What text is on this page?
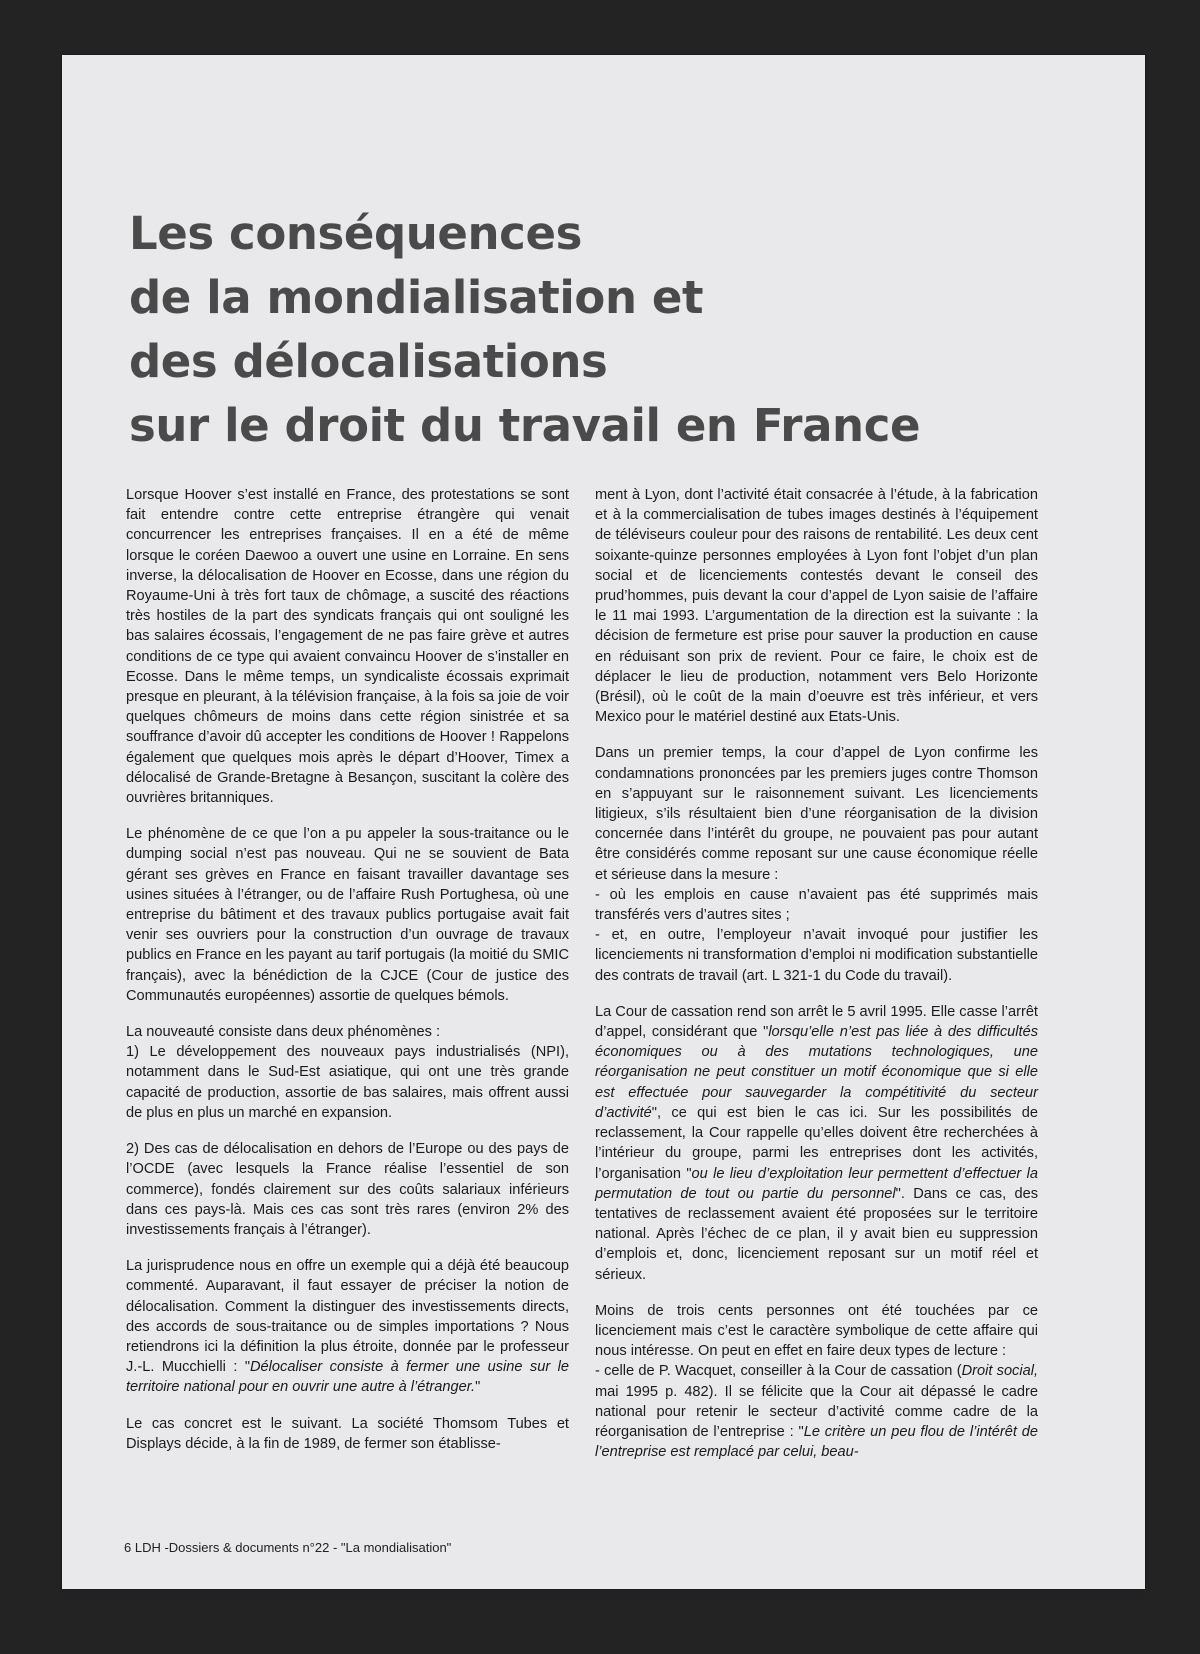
Les conséquences
de la mondialisation et
des délocalisations
sur le droit du travail en France

Lorsque Hoover s’est installé en France, des protestations se sont fait entendre contre cette entreprise étrangère qui venait concurrencer les entreprises françaises. Il en a été de même lorsque le coréen Daewoo a ouvert une usine en Lorraine. En sens inverse, la délocalisation de Hoover en Ecosse, dans une région du Royaume-Uni à très fort taux de chômage, a suscité des réactions très hostiles de la part des syndicats français qui ont souligné les bas salaires écossais, l’engagement de ne pas faire grève et autres conditions de ce type qui avaient convaincu Hoover de s’installer en Ecosse. Dans le même temps, un syndicaliste écossais exprimait presque en pleurant, à la télévision française, à la fois sa joie de voir quelques chômeurs de moins dans cette région sinistrée et sa souffrance d’avoir dû accepter les conditions de Hoover ! Rappelons également que quelques mois après le départ d’Hoover, Timex a délocalisé de Grande-Bretagne à Besançon, suscitant la colère des ouvrières britanniques.

Le phénomène de ce que l’on a pu appeler la sous-traitance ou le dumping social n’est pas nouveau. Qui ne se souvient de Bata gérant ses grèves en France en faisant travailler davantage ses usines situées à l’étranger, ou de l’affaire Rush Portughesa, où une entreprise du bâtiment et des travaux publics portugaise avait fait venir ses ouvriers pour la construction d’un ouvrage de travaux publics en France en les payant au tarif portugais (la moitié du SMIC français), avec la bénédiction de la CJCE (Cour de justice des Communautés européennes) assortie de quelques bémols.

La nouveauté consiste dans deux phénomènes :
1) Le développement des nouveaux pays industrialisés (NPI), notamment dans le Sud-Est asiatique, qui ont une très grande capacité de production, assortie de bas salaires, mais offrent aussi de plus en plus un marché en expansion.

2) Des cas de délocalisation en dehors de l’Europe ou des pays de l’OCDE (avec lesquels la France réalise l’essentiel de son commerce), fondés clairement sur des coûts salariaux inférieurs dans ces pays-là. Mais ces cas sont très rares (environ 2% des investissements français à l’étranger).

La jurisprudence nous en offre un exemple qui a déjà été beaucoup commenté. Auparavant, il faut essayer de préciser la notion de délocalisation. Comment la distinguer des investissements directs, des accords de sous-traitance ou de simples importations ? Nous retiendrons ici la définition la plus étroite, donnée par le professeur J.-L. Mucchielli : "Délocaliser consiste à fermer une usine sur le territoire national pour en ouvrir une autre à l’étranger."

Le cas concret est le suivant. La société Thomsom Tubes et Displays décide, à la fin de 1989, de fermer son établisse-

ment à Lyon, dont l’activité était consacrée à l’étude, à la fabrication et à la commercialisation de tubes images destinés à l’équipement de téléviseurs couleur pour des raisons de rentabilité. Les deux cent soixante-quinze personnes employées à Lyon font l’objet d’un plan social et de licenciements contestés devant le conseil des prud’hommes, puis devant la cour d’appel de Lyon saisie de l’affaire le 11 mai 1993. L’argumentation de la direction est la suivante : la décision de fermeture est prise pour sauver la production en cause en réduisant son prix de revient. Pour ce faire, le choix est de déplacer le lieu de production, notamment vers Belo Horizonte (Brésil), où le coût de la main d’oeuvre est très inférieur, et vers Mexico pour le matériel destiné aux Etats-Unis.

Dans un premier temps, la cour d’appel de Lyon confirme les condamnations prononcées par les premiers juges contre Thomson en s’appuyant sur le raisonnement suivant. Les licenciements litigieux, s’ils résultaient bien d’une réorganisation de la division concernée dans l’intérêt du groupe, ne pouvaient pas pour autant être considérés comme reposant sur une cause économique réelle et sérieuse dans la mesure :
- où les emplois en cause n’avaient pas été supprimés mais transférés vers d’autres sites ;
- et, en outre, l’employeur n’avait invoqué pour justifier les licenciements ni transformation d’emploi ni modification substantielle des contrats de travail (art. L 321-1 du Code du travail).

La Cour de cassation rend son arrêt le 5 avril 1995. Elle casse l’arrêt d’appel, considérant que "lorsqu’elle n’est pas liée à des difficultés économiques ou à des mutations technologiques, une réorganisation ne peut constituer un motif économique que si elle est effectuée pour sauvegarder la compétitivité du secteur d’activité", ce qui est bien le cas ici. Sur les possibilités de reclassement, la Cour rappelle qu’elles doivent être recherchées à l’intérieur du groupe, parmi les entreprises dont les activités, l’organisation "ou le lieu d’exploitation leur permettent d’effectuer la permutation de tout ou partie du personnel". Dans ce cas, des tentatives de reclassement avaient été proposées sur le territoire national. Après l’échec de ce plan, il y avait bien eu suppression d’emplois et, donc, licenciement reposant sur un motif réel et sérieux.

Moins de trois cents personnes ont été touchées par ce licenciement mais c’est le caractère symbolique de cette affaire qui nous intéresse. On peut en effet en faire deux types de lecture :
- celle de P. Wacquet, conseiller à la Cour de cassation (Droit social, mai 1995 p. 482). Il se félicite que la Cour ait dépassé le cadre national pour retenir le secteur d’activité comme cadre de la réorganisation de l’entreprise : "Le critère un peu flou de l’intérêt de l’entreprise est remplacé par celui, beau-

6 LDH -Dossiers & documents n°22 - "La mondialisation"
